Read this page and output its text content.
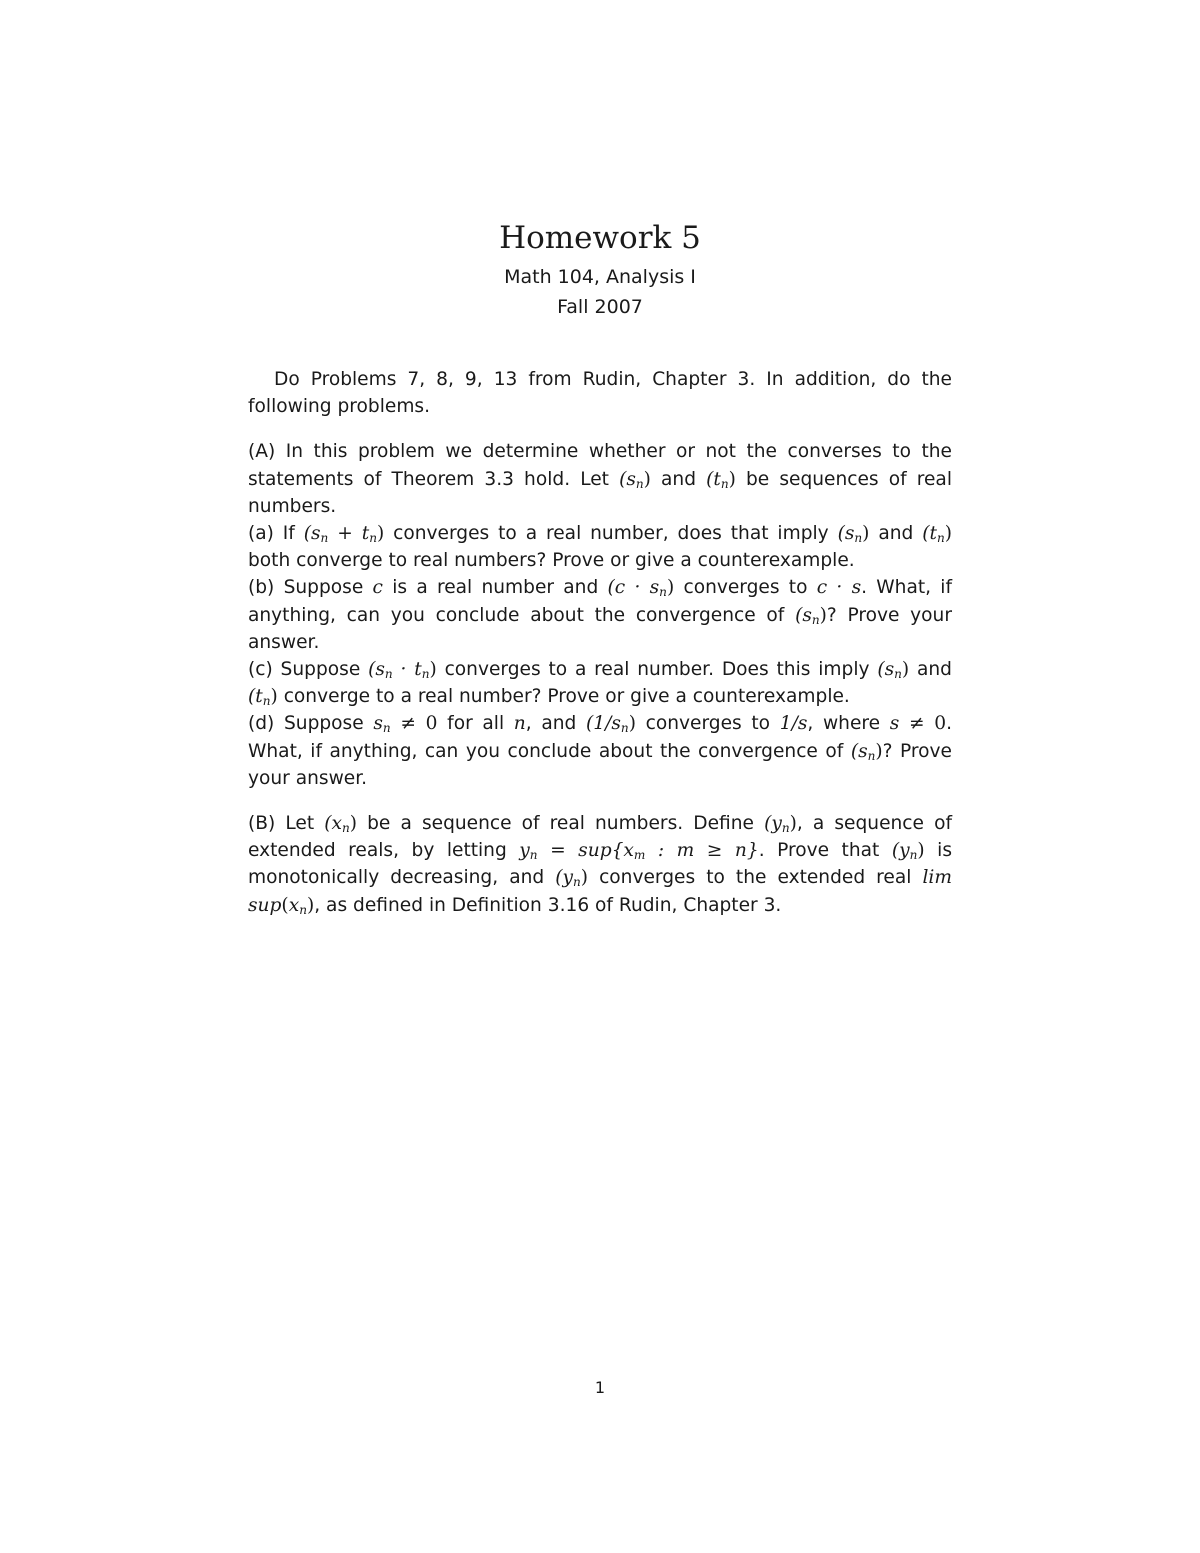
Homework 5
Math 104, Analysis I
Fall 2007

Do Problems 7, 8, 9, 13 from Rudin, Chapter 3. In addition, do the following problems.

(A) In this problem we determine whether or not the converses to the statements of Theorem 3.3 hold. Let $(s_n)$ and $(t_n)$ be sequences of real numbers.
(a) If $(s_n + t_n)$ converges to a real number, does that imply $(s_n)$ and $(t_n)$ both converge to real numbers? Prove or give a counterexample.
(b) Suppose c is a real number and $(c \cdot s_n)$ converges to c · s. What, if anything, can you conclude about the convergence of $(s_n)$? Prove your answer.
(c) Suppose $(s_n \cdot t_n)$ converges to a real number. Does this imply $(s_n)$ and $(t_n)$ converge to a real number? Prove or give a counterexample.
(d) Suppose $s_n \ne 0$ for all n, and $(1/s_n)$ converges to 1/s, where s ≠ 0. What, if anything, can you conclude about the convergence of $(s_n)$? Prove your answer.

(B) Let $(x_n)$ be a sequence of real numbers. Define $(y_n)$, a sequence of extended reals, by letting $y_n = sup\{x_m$ : m ≥ n}. Prove that $(y_n)$ is monotonically decreasing, and $(y_n)$ converges to the extended real $\lim sup(x_n)$, as defined in Definition 3.16 of Rudin, Chapter 3.

1
